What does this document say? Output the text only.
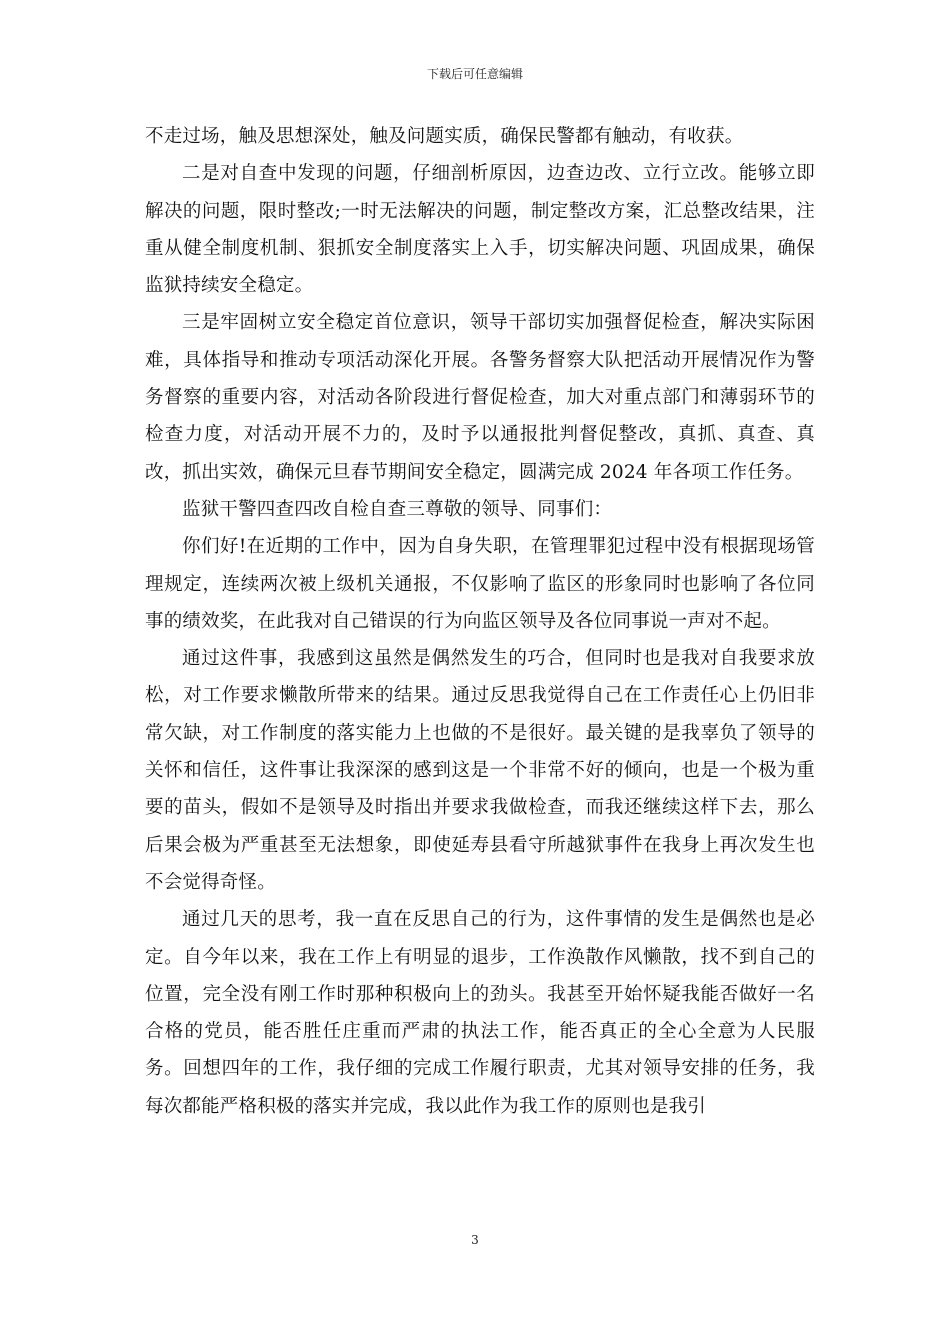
下载后可任意编辑

不走过场，触及思想深处，触及问题实质，确保民警都有触动，有收获。

二是对自查中发现的问题，仔细剖析原因，边查边改、立行立改。能够立即解决的问题，限时整改;一时无法解决的问题，制定整改方案，汇总整改结果，注重从健全制度机制、狠抓安全制度落实上入手，切实解决问题、巩固成果，确保监狱持续安全稳定。

三是牢固树立安全稳定首位意识，领导干部切实加强督促检查，解决实际困难，具体指导和推动专项活动深化开展。各警务督察大队把活动开展情况作为警务督察的重要内容，对活动各阶段进行督促检查，加大对重点部门和薄弱环节的检查力度，对活动开展不力的，及时予以通报批判督促整改，真抓、真查、真改，抓出实效，确保元旦春节期间安全稳定，圆满完成 2024 年各项工作任务。

监狱干警四查四改自检自查三尊敬的领导、同事们：

你们好!在近期的工作中，因为自身失职，在管理罪犯过程中没有根据现场管理规定，连续两次被上级机关通报，不仅影响了监区的形象同时也影响了各位同事的绩效奖，在此我对自己错误的行为向监区领导及各位同事说一声对不起。

通过这件事，我感到这虽然是偶然发生的巧合，但同时也是我对自我要求放松，对工作要求懒散所带来的结果。通过反思我觉得自己在工作责任心上仍旧非常欠缺，对工作制度的落实能力上也做的不是很好。最关键的是我辜负了领导的关怀和信任，这件事让我深深的感到这是一个非常不好的倾向，也是一个极为重要的苗头，假如不是领导及时指出并要求我做检查，而我还继续这样下去，那么后果会极为严重甚至无法想象，即使延寿县看守所越狱事件在我身上再次发生也不会觉得奇怪。

通过几天的思考，我一直在反思自己的行为，这件事情的发生是偶然也是必定。自今年以来，我在工作上有明显的退步，工作涣散作风懒散，找不到自己的位置，完全没有刚工作时那种积极向上的劲头。我甚至开始怀疑我能否做好一名合格的党员，能否胜任庄重而严肃的执法工作，能否真正的全心全意为人民服务。回想四年的工作，我仔细的完成工作履行职责，尤其对领导安排的任务，我每次都能严格积极的落实并完成，我以此作为我工作的原则也是我引

3
